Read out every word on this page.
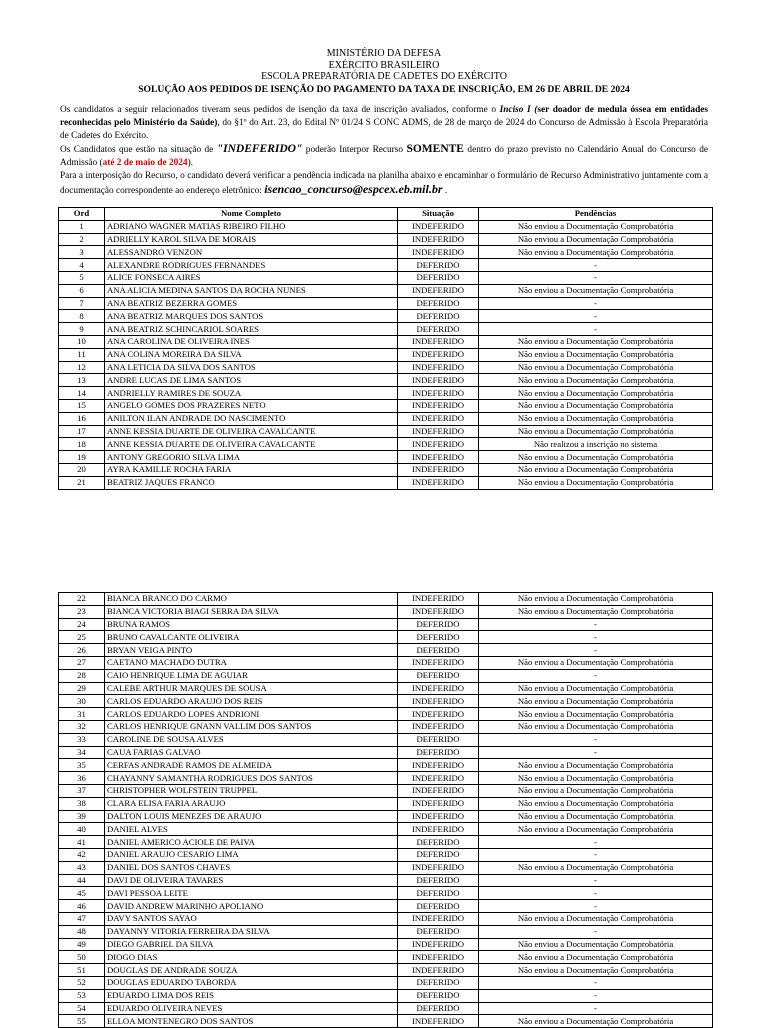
MINISTÉRIO DA DEFESA
EXÉRCITO BRASILEIRO
ESCOLA PREPARATÓRIA DE CADETES DO EXÉRCITO
SOLUÇÃO AOS PEDIDOS DE ISENÇÃO DO PAGAMENTO DA TAXA DE INSCRIÇÃO, EM 26 DE ABRIL DE 2024

Os candidatos a seguir relacionados tiveram seus pedidos de isenção da taxa de inscrição avaliados, conforme o Inciso I (ser doador de medula óssea em entidades reconhecidas pelo Ministério da Saúde), do §1º do Art. 23, do Edital Nº 01/24 S CONC ADMS, de 28 de março de 2024 do Concurso de Admissão à Escola Preparatória de Cadetes do Exército.

Os Candidatos que estão na situação de "INDEFERIDO" poderão Interpor Recurso SOMENTE dentro do prazo previsto no Calendário Anual do Concurso de Admissão (até 2 de maio de 2024).

Para a interposição do Recurso, o candidato deverá verificar a pendência indicada na planilha abaixo e encaminhar o formulário de Recurso Administrativo juntamente com a documentação correspondente ao endereço eletrônico: isencao_concurso@espcex.eb.mil.br .

Ord	Nome Completo	Situação	Pendências
1	ADRIANO WAGNER MATIAS RIBEIRO FILHO	INDEFERIDO	Não enviou a Documentação Comprobatória
2	ADRIELLY KAROL SILVA DE MORAIS	INDEFERIDO	Não enviou a Documentação Comprobatória
3	ALESSANDRO VENZON	INDEFERIDO	Não enviou a Documentação Comprobatória
4	ALEXANDRE RODRIGUES FERNANDES	DEFERIDO	-
5	ALICE FONSECA AIRES	DEFERIDO	-
6	ANA ALICIA MEDINA SANTOS DA ROCHA NUNES	INDEFERIDO	Não enviou a Documentação Comprobatória
7	ANA BEATRIZ BEZERRA GOMES	DEFERIDO	-
8	ANA BEATRIZ MARQUES DOS SANTOS	DEFERIDO	-
9	ANA BEATRIZ SCHINCARIOL SOARES	DEFERIDO	-
10	ANA CAROLINA DE OLIVEIRA INES	INDEFERIDO	Não enviou a Documentação Comprobatória
11	ANA COLINA MOREIRA DA SILVA	INDEFERIDO	Não enviou a Documentação Comprobatória
12	ANA LETICIA DA SILVA DOS SANTOS	INDEFERIDO	Não enviou a Documentação Comprobatória
13	ANDRE LUCAS DE LIMA SANTOS	INDEFERIDO	Não enviou a Documentação Comprobatória
14	ANDRIELLY RAMIRES DE SOUZA	INDEFERIDO	Não enviou a Documentação Comprobatória
15	ANGELO GOMES DOS PRAZERES NETO	INDEFERIDO	Não enviou a Documentação Comprobatória
16	ANILTON ILAN ANDRADE DO NASCIMENTO	INDEFERIDO	Não enviou a Documentação Comprobatória
17	ANNE KESSIA DUARTE DE OLIVEIRA CAVALCANTE	INDEFERIDO	Não enviou a Documentação Comprobatória
18	ANNE KESSIA DUARTE DE OLIVEIRA CAVALCANTE	INDEFERIDO	Não realizou a inscrição no sistema
19	ANTONY GREGORIO SILVA LIMA	INDEFERIDO	Não enviou a Documentação Comprobatória
20	AYRA KAMILLE ROCHA FARIA	INDEFERIDO	Não enviou a Documentação Comprobatória
21	BEATRIZ JAQUES FRANCO	INDEFERIDO	Não enviou a Documentação Comprobatória
22	BIANCA BRANCO DO CARMO	INDEFERIDO	Não enviou a Documentação Comprobatória
23	BIANCA VICTORIA BIAGI SERRA DA SILVA	INDEFERIDO	Não enviou a Documentação Comprobatória
24	BRUNA RAMOS	DEFERIDO	-
25	BRUNO CAVALCANTE OLIVEIRA	DEFERIDO	-
26	BRYAN VEIGA PINTO	DEFERIDO	-
27	CAETANO MACHADO DUTRA	INDEFERIDO	Não enviou a Documentação Comprobatória
28	CAIO HENRIQUE LIMA DE AGUIAR	DEFERIDO	-
29	CALEBE ARTHUR MARQUES DE SOUSA	INDEFERIDO	Não enviou a Documentação Comprobatória
30	CARLOS EDUARDO ARAUJO DOS REIS	INDEFERIDO	Não enviou a Documentação Comprobatória
31	CARLOS EDUARDO LOPES ANDRIONI	INDEFERIDO	Não enviou a Documentação Comprobatória
32	CARLOS HENRIQUE GNANN VALLIM DOS SANTOS	INDEFERIDO	Não enviou a Documentação Comprobatória
33	CAROLINE DE SOUSA ALVES	DEFERIDO	-
34	CAUA FARIAS GALVAO	DEFERIDO	-
35	CERFAS ANDRADE RAMOS DE ALMEIDA	INDEFERIDO	Não enviou a Documentação Comprobatória
36	CHAYANNY SAMANTHA RODRIGUES DOS SANTOS	INDEFERIDO	Não enviou a Documentação Comprobatória
37	CHRISTOPHER WOLFSTEIN TRUPPEL	INDEFERIDO	Não enviou a Documentação Comprobatória
38	CLARA ELISA FARIA ARAUJO	INDEFERIDO	Não enviou a Documentação Comprobatória
39	DALTON LOUIS MENEZES DE ARAUJO	INDEFERIDO	Não enviou a Documentação Comprobatória
40	DANIEL ALVES	INDEFERIDO	Não enviou a Documentação Comprobatória
41	DANIEL AMERICO ACIOLE DE PAIVA	DEFERIDO	-
42	DANIEL ARAUJO CESARIO LIMA	DEFERIDO	-
43	DANIEL DOS SANTOS CHAVES	INDEFERIDO	Não enviou a Documentação Comprobatória
44	DAVI DE OLIVEIRA TAVARES	DEFERIDO	-
45	DAVI PESSOA LEITE	DEFERIDO	-
46	DAVID ANDREW MARINHO APOLIANO	DEFERIDO	-
47	DAVY SANTOS SAYAO	INDEFERIDO	Não enviou a Documentação Comprobatória
48	DAYANNY VITORIA FERREIRA DA SILVA	DEFERIDO	-
49	DIEGO GABRIEL DA SILVA	INDEFERIDO	Não enviou a Documentação Comprobatória
50	DIOGO DIAS	INDEFERIDO	Não enviou a Documentação Comprobatória
51	DOUGLAS DE ANDRADE SOUZA	INDEFERIDO	Não enviou a Documentação Comprobatória
52	DOUGLAS EDUARDO TABORDA	DEFERIDO	-
53	EDUARDO LIMA DOS REIS	DEFERIDO	-
54	EDUARDO OLIVEIRA NEVES	DEFERIDO	-
55	ELLOA MONTENEGRO DOS SANTOS	INDEFERIDO	Não enviou a Documentação Comprobatória
